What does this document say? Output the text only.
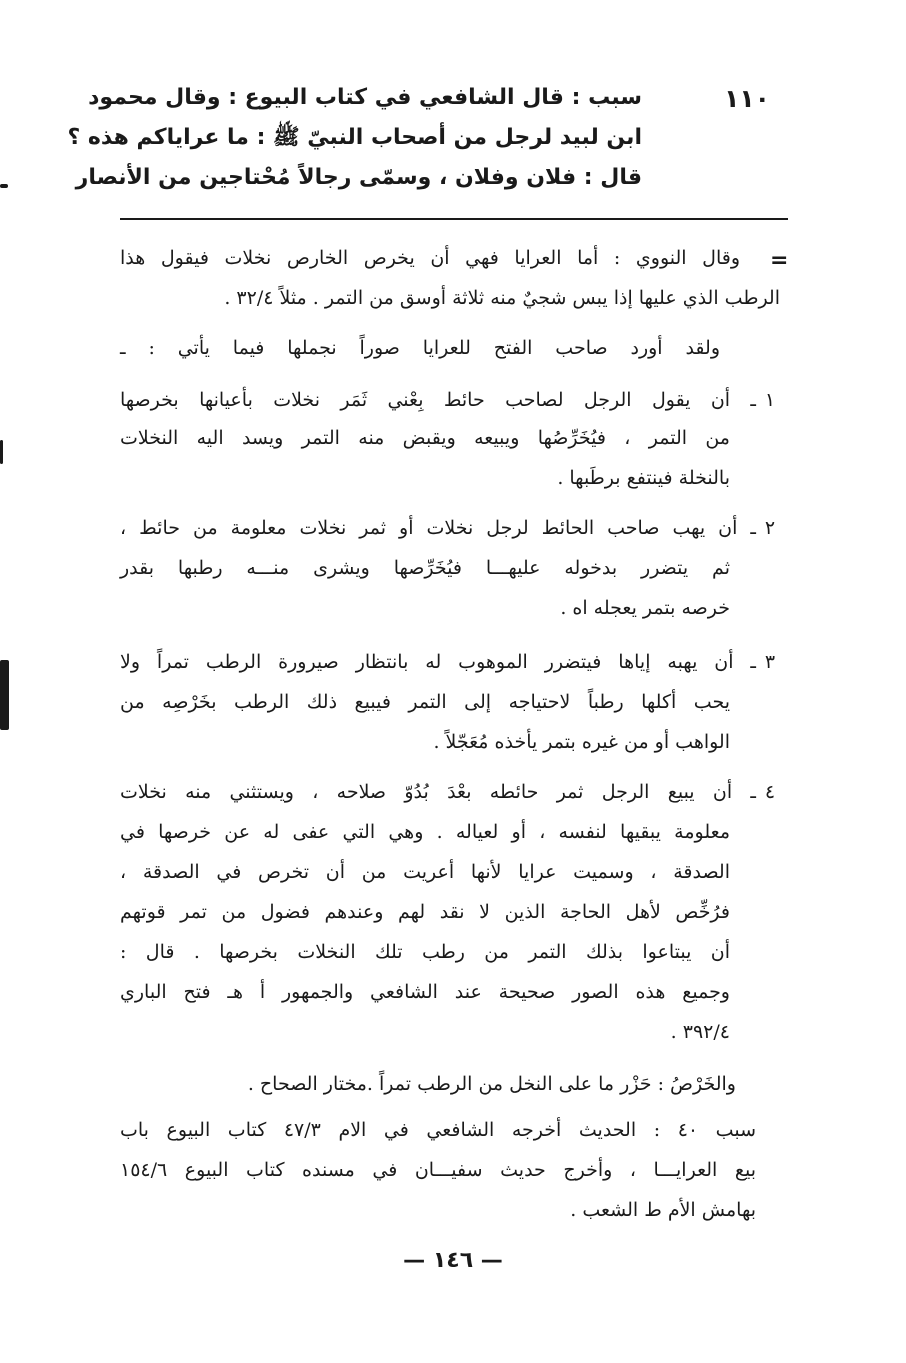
١١٠
سبب : قال الشافعي في كتاب البيوع : وقال محمود
ابن لبيد لرجل من أصحاب النبيّ ﷺ : ما عراياكم هذه ؟
قال : فلان وفلان ، وسمّى رجالاً مُحْتاجين من الأنصار
=
وقال النووي : أما العرايا فهي أن يخرص الخارص نخلات فيقول هذا
الرطب الذي عليها إذا يبس شجيٌ منه ثلاثة أوسق من التمر . مثلاً ٣٢/٤ .
ولقد أورد صاحب الفتح للعرايا صوراً نجملها فيما يأتي : ـ
١
ـ أن يقول الرجل لصاحب حائط بِعْني ثَمَر نخلات بأعيانها بخرصها
من التمر ، فيُخَرِّصُها ويبيعه ويقبض منه التمر ويسد اليه النخلات
بالنخلة فينتفع برطَبها .
٢
ـ أن يهب صاحب الحائط لرجل نخلات أو ثمر نخلات معلومة من حائط ،
ثم يتضرر بدخوله عليهـــا فيُخَرِّصها ويشرى منـــه رطبها بقدر
خرصه بتمر يعجله اه .
٣
ـ أن يهبه إياها فيتضرر الموهوب له بانتظار صيرورة الرطب تمراً ولا
يحب أكلها رطباً لاحتياجه إلى التمر فيبيع ذلك الرطب بخَرْصِه من
الواهب أو من غيره بتمر يأخذه مُعَجّلاً .
٤
ـ أن يبيع الرجل ثمر حائطه بعْدَ بُدُوّ صلاحه ، ويستثني منه نخلات
معلومة يبقيها لنفسه ، أو لعياله . وهي التي عفى له عن خرصها في
الصدقة ، وسميت عرايا لأنها أعريت من أن تخرص في الصدقة ،
فرُخِّص لأهل الحاجة الذين لا نقد لهم وعندهم فضول من تمر قوتهم
أن يبتاعوا بذلك التمر من رطب تلك النخلات بخرصها . قال :
وجميع هذه الصور صحيحة عند الشافعي والجمهور أ هـ فتح الباري
٣٩٢/٤ .
والخَرْصُ : حَزْر ما على النخل من الرطب تمراً .مختار الصحاح .
سبب ٤٠ : الحديث أخرجه الشافعي في الام ٤٧/٣ كتاب البيوع باب
بيع العرايـــا ، وأخرج حديث سفيـــان في مسنده كتاب البيوع ١٥٤/٦
بهامش الأم ط الشعب .
— ١٤٦ —
